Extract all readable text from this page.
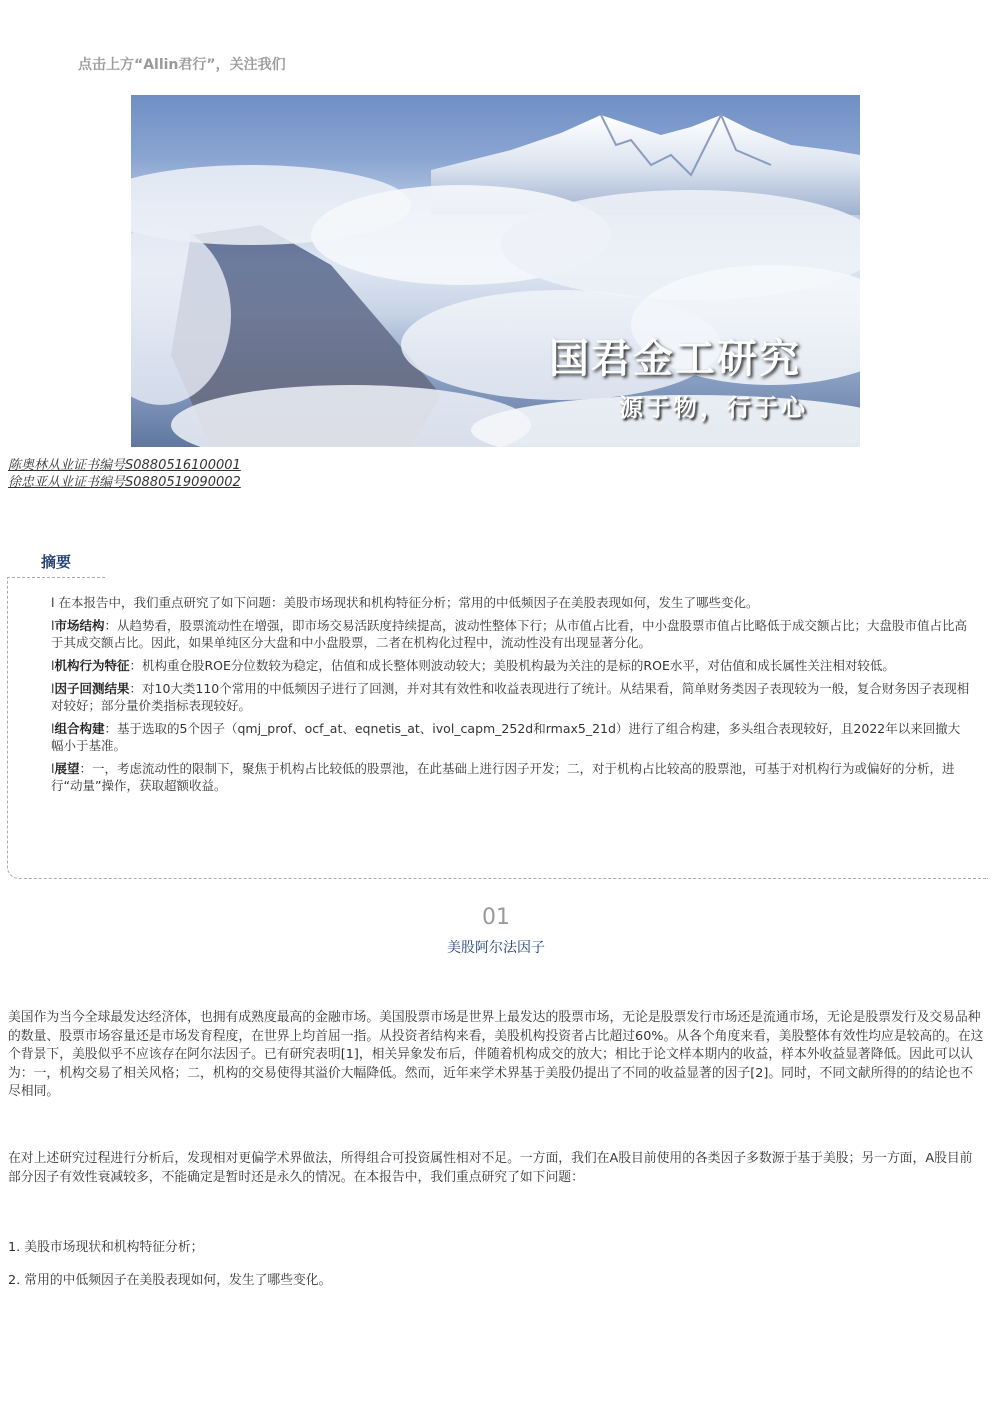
点击上方“Allin君行”，关注我们
国君金工研究
源于物，行于心
陈奥林从业证书编号S0880516100001
徐忠亚从业证书编号S0880519090002
摘要
l 在本报告中，我们重点研究了如下问题：美股市场现状和机构特征分析；常用的中低频因子在美股表现如何，发生了哪些变化。
l市场结构：从趋势看，股票流动性在增强，即市场交易活跃度持续提高，波动性整体下行；从市值占比看，中小盘股票市值占比略低于成交额占比；大盘股市值占比高于其成交额占比。因此，如果单纯区分大盘和中小盘股票，二者在机构化过程中，流动性没有出现显著分化。
l机构行为特征：机构重仓股ROE分位数较为稳定，估值和成长整体则波动较大；美股机构最为关注的是标的ROE水平，对估值和成长属性关注相对较低。
l因子回测结果：对10大类110个常用的中低频因子进行了回测，并对其有效性和收益表现进行了统计。从结果看，简单财务类因子表现较为一般，复合财务因子表现相对较好；部分量价类指标表现较好。
l组合构建：基于选取的5个因子（qmj_prof、ocf_at、eqnetis_at、ivol_capm_252d和rmax5_21d）进行了组合构建，多头组合表现较好，且2022年以来回撤大幅小于基准。
l展望：一，考虑流动性的限制下，聚焦于机构占比较低的股票池，在此基础上进行因子开发；二，对于机构占比较高的股票池，可基于对机构行为或偏好的分析，进行“动量”操作，获取超额收益。
01
美股阿尔法因子
美国作为当今全球最发达经济体，也拥有成熟度最高的金融市场。美国股票市场是世界上最发达的股票市场，无论是股票发行市场还是流通市场，无论是股票发行及交易品种的数量、股票市场容量还是市场发育程度，在世界上均首屈一指。从投资者结构来看，美股机构投资者占比超过60%。从各个角度来看，美股整体有效性均应是较高的。在这个背景下，美股似乎不应该存在阿尔法因子。已有研究表明[1]，相关异象发布后，伴随着机构成交的放大；相比于论文样本期内的收益，样本外收益显著降低。因此可以认为：一，机构交易了相关风格；二，机构的交易使得其溢价大幅降低。然而，近年来学术界基于美股仍提出了不同的收益显著的因子[2]。同时，不同文献所得的的结论也不尽相同。
在对上述研究过程进行分析后，发现相对更偏学术界做法，所得组合可投资属性相对不足。一方面，我们在A股目前使用的各类因子多数源于基于美股；另一方面，A股目前部分因子有效性衰减较多，不能确定是暂时还是永久的情况。在本报告中，我们重点研究了如下问题：
1. 美股市场现状和机构特征分析；
2. 常用的中低频因子在美股表现如何，发生了哪些变化。
